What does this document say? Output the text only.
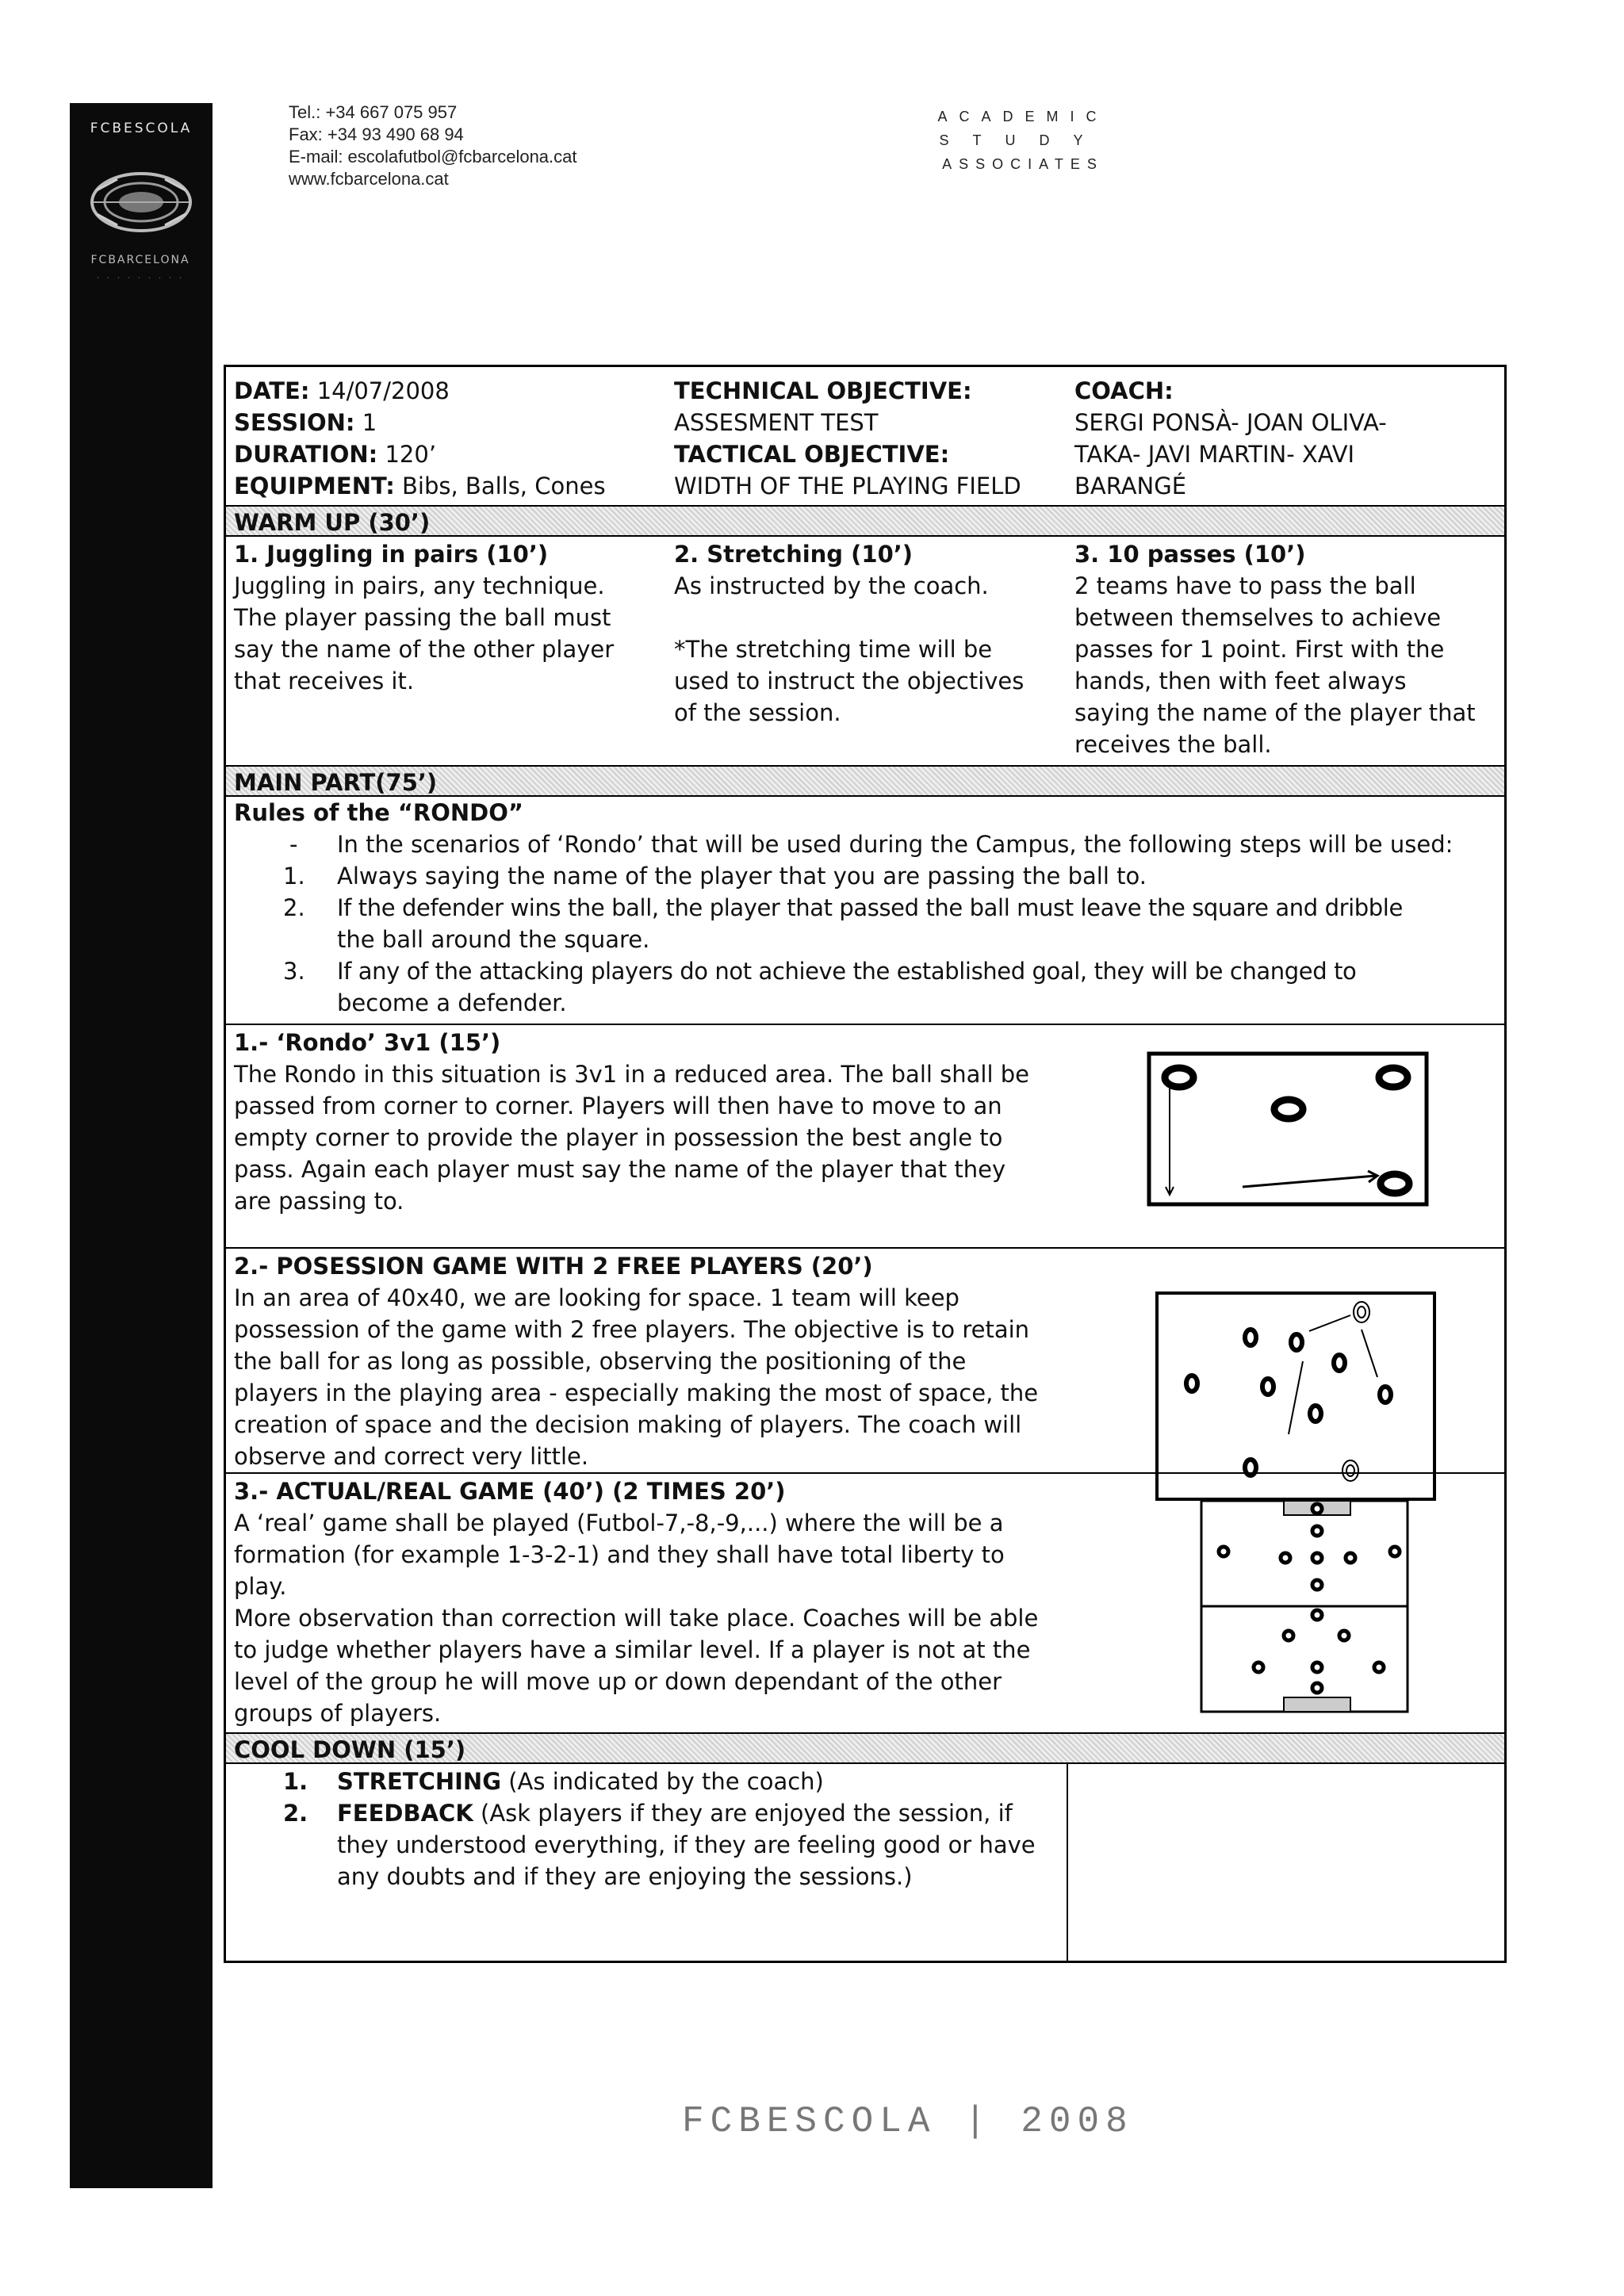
FCBESCOLA
FCBARCELONA
· · · · · · · · ·
Tel.: +34 667 075 957
Fax: +34 93 490 68 94
E-mail: escolafutbol@fcbarcelona.cat
www.fcbarcelona.cat
ACADEMIC
STUDY
ASSOCIATES
DATE: 14/07/2008
SESSION: 1
DURATION: 120’
EQUIPMENT: Bibs, Balls, Cones
TECHNICAL OBJECTIVE:
ASSESMENT TEST
TACTICAL OBJECTIVE:
WIDTH OF THE PLAYING FIELD
COACH:
SERGI PONSÀ- JOAN OLIVA-
TAKA- JAVI MARTIN- XAVI
BARANGÉ
WARM UP (30’)
1. Juggling in pairs (10’)
Juggling in pairs, any technique.
The player passing the ball must
say the name of the other player
that receives it.
2. Stretching (10’)
As instructed by the coach.
*The stretching time will be
used to instruct the objectives
of the session.
3. 10 passes (10’)
2 teams have to pass the ball
between themselves to achieve
passes for 1 point. First with the
hands, then with feet always
saying the name of the player that
receives the ball.
MAIN PART(75’)
Rules of the “RONDO”
- In the scenarios of ‘Rondo’ that will be used during the Campus, the following steps will be used:
1. Always saying the name of the player that you are passing the ball to.
2. If the defender wins the ball, the player that passed the ball must leave the square and dribble
the ball around the square.
3. If any of the attacking players do not achieve the established goal, they will be changed to
become a defender.
1.- ‘Rondo’ 3v1 (15’)
The Rondo in this situation is 3v1 in a reduced area. The ball shall be
passed from corner to corner. Players will then have to move to an
empty corner to provide the player in possession the best angle to
pass. Again each player must say the name of the player that they
are passing to.
2.- POSESSION GAME WITH 2 FREE PLAYERS (20’)
In an area of 40x40, we are looking for space. 1 team will keep
possession of the game with 2 free players. The objective is to retain
the ball for as long as possible, observing the positioning of the
players in the playing area - especially making the most of space, the
creation of space and the decision making of players. The coach will
observe and correct very little.
3.- ACTUAL/REAL GAME (40’) (2 TIMES 20’)
A ‘real’ game shall be played (Futbol-7,-8,-9,...) where the will be a
formation (for example 1-3-2-1) and they shall have total liberty to
play.
More observation than correction will take place. Coaches will be able
to judge whether players have a similar level. If a player is not at the
level of the group he will move up or down dependant of the other
groups of players.
COOL DOWN (15’)
1. STRETCHING (As indicated by the coach)
2. FEEDBACK (Ask players if they are enjoyed the session, if
they understood everything, if they are feeling good or have
any doubts and if they are enjoying the sessions.)
FCBESCOLA | 2008
